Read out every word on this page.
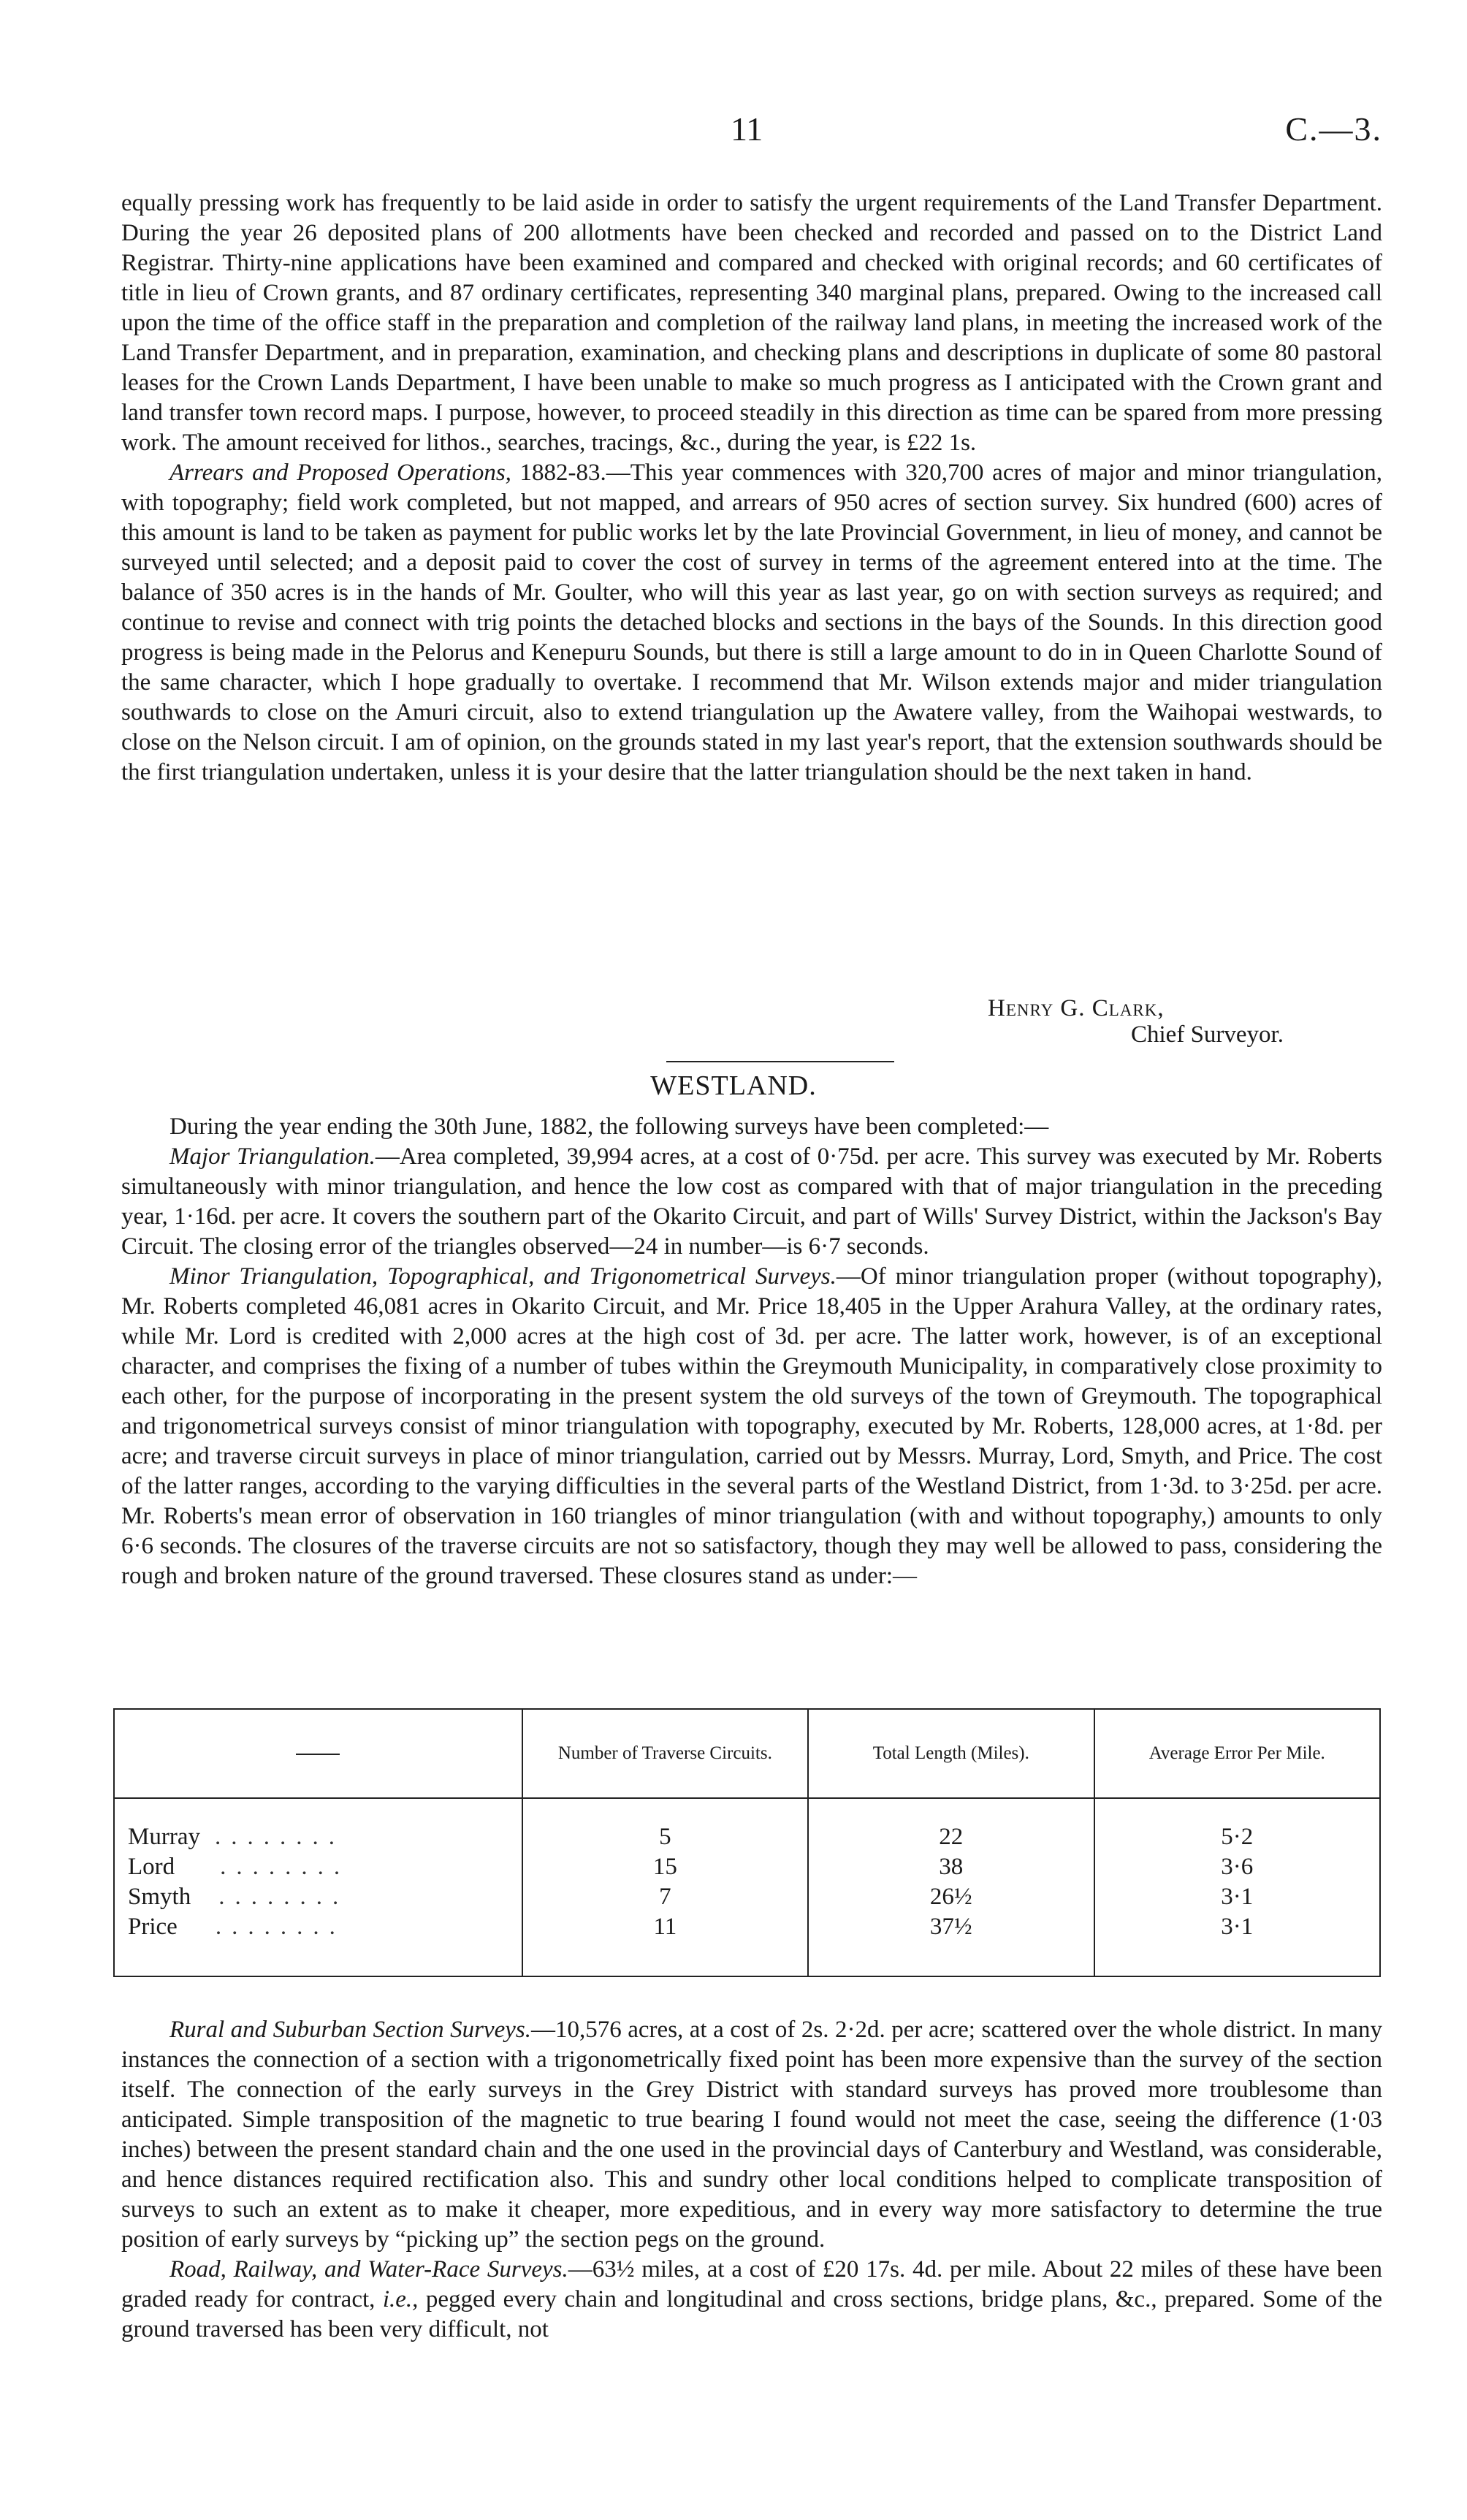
11	C.—3.

equally pressing work has frequently to be laid aside in order to satisfy the urgent requirements of the Land Transfer Department. During the year 26 deposited plans of 200 allotments have been checked and recorded and passed on to the District Land Registrar. Thirty-nine applications have been examined and compared and checked with original records; and 60 certificates of title in lieu of Crown grants, and 87 ordinary certificates, representing 340 marginal plans, prepared. Owing to the increased call upon the time of the office staff in the preparation and completion of the railway land plans, in meeting the increased work of the Land Transfer Department, and in preparation, examination, and checking plans and descriptions in duplicate of some 80 pastoral leases for the Crown Lands Department, I have been unable to make so much progress as I anticipated with the Crown grant and land transfer town record maps. I purpose, however, to proceed steadily in this direction as time can be spared from more pressing work. The amount received for lithos., searches, tracings, &c., during the year, is £22 1s.

Arrears and Proposed Operations, 1882-83.—This year commences with 320,700 acres of major and minor triangulation, with topography; field work completed, but not mapped, and arrears of 950 acres of section survey. Six hundred (600) acres of this amount is land to be taken as payment for public works let by the late Provincial Government, in lieu of money, and cannot be surveyed until selected; and a deposit paid to cover the cost of survey in terms of the agreement entered into at the time. The balance of 350 acres is in the hands of Mr. Goulter, who will this year as last year, go on with section surveys as required; and continue to revise and connect with trig points the detached blocks and sections in the bays of the Sounds. In this direction good progress is being made in the Pelorus and Kenepuru Sounds, but there is still a large amount to do in in Queen Charlotte Sound of the same character, which I hope gradually to overtake. I recommend that Mr. Wilson extends major and mider triangulation southwards to close on the Amuri circuit, also to extend triangulation up the Awatere valley, from the Waihopai westwards, to close on the Nelson circuit. I am of opinion, on the grounds stated in my last year's report, that the extension southwards should be the first triangulation undertaken, unless it is your desire that the latter triangulation should be the next taken in hand.

Henry G. Clark,
Chief Surveyor.
WESTLAND.

During the year ending the 30th June, 1882, the following surveys have been completed:—

Major Triangulation.—Area completed, 39,994 acres, at a cost of 0·75d. per acre. This survey was executed by Mr. Roberts simultaneously with minor triangulation, and hence the low cost as compared with that of major triangulation in the preceding year, 1·16d. per acre. It covers the southern part of the Okarito Circuit, and part of Wills' Survey District, within the Jackson's Bay Circuit. The closing error of the triangles observed—24 in number—is 6·7 seconds.

Minor Triangulation, Topographical, and Trigonometrical Surveys.—Of minor triangulation proper (without topography), Mr. Roberts completed 46,081 acres in Okarito Circuit, and Mr. Price 18,405 in the Upper Arahura Valley, at the ordinary rates, while Mr. Lord is credited with 2,000 acres at the high cost of 3d. per acre. The latter work, however, is of an exceptional character, and comprises the fixing of a number of tubes within the Greymouth Municipality, in comparatively close proximity to each other, for the purpose of incorporating in the present system the old surveys of the town of Greymouth. The topographical and trigonometrical surveys consist of minor triangulation with topography, executed by Mr. Roberts, 128,000 acres, at 1·8d. per acre; and traverse circuit surveys in place of minor triangulation, carried out by Messrs. Murray, Lord, Smyth, and Price. The cost of the latter ranges, according to the varying difficulties in the several parts of the Westland District, from 1·3d. to 3·25d. per acre. Mr. Roberts's mean error of observation in 160 triangles of minor triangulation (with and without topography,) amounts to only 6·6 seconds. The closures of the traverse circuits are not so satisfactory, though they may well be allowed to pass, considering the rough and broken nature of the ground traversed. These closures stand as under:—

	Number of Traverse Circuits.	Total Length (Miles).	Average Error Per Mile.

Murray ........	5	22	5·2
Lord ........	15	38	3·6
Smyth ........	7	26½	3·1
Price ........	11	37½	3·1

Rural and Suburban Section Surveys.—10,576 acres, at a cost of 2s. 2·2d. per acre; scattered over the whole district. In many instances the connection of a section with a trigonometrically fixed point has been more expensive than the survey of the section itself. The connection of the early surveys in the Grey District with standard surveys has proved more troublesome than anticipated. Simple transposition of the magnetic to true bearing I found would not meet the case, seeing the difference (1·03 inches) between the present standard chain and the one used in the provincial days of Canterbury and Westland, was considerable, and hence distances required rectification also. This and sundry other local conditions helped to complicate transposition of surveys to such an extent as to make it cheaper, more expeditious, and in every way more satisfactory to determine the true position of early surveys by “picking up” the section pegs on the ground.

Road, Railway, and Water-Race Surveys.—63½ miles, at a cost of £20 17s. 4d. per mile. About 22 miles of these have been graded ready for contract, i.e., pegged every chain and longitudinal and cross sections, bridge plans, &c., prepared. Some of the ground traversed has been very difficult, not
